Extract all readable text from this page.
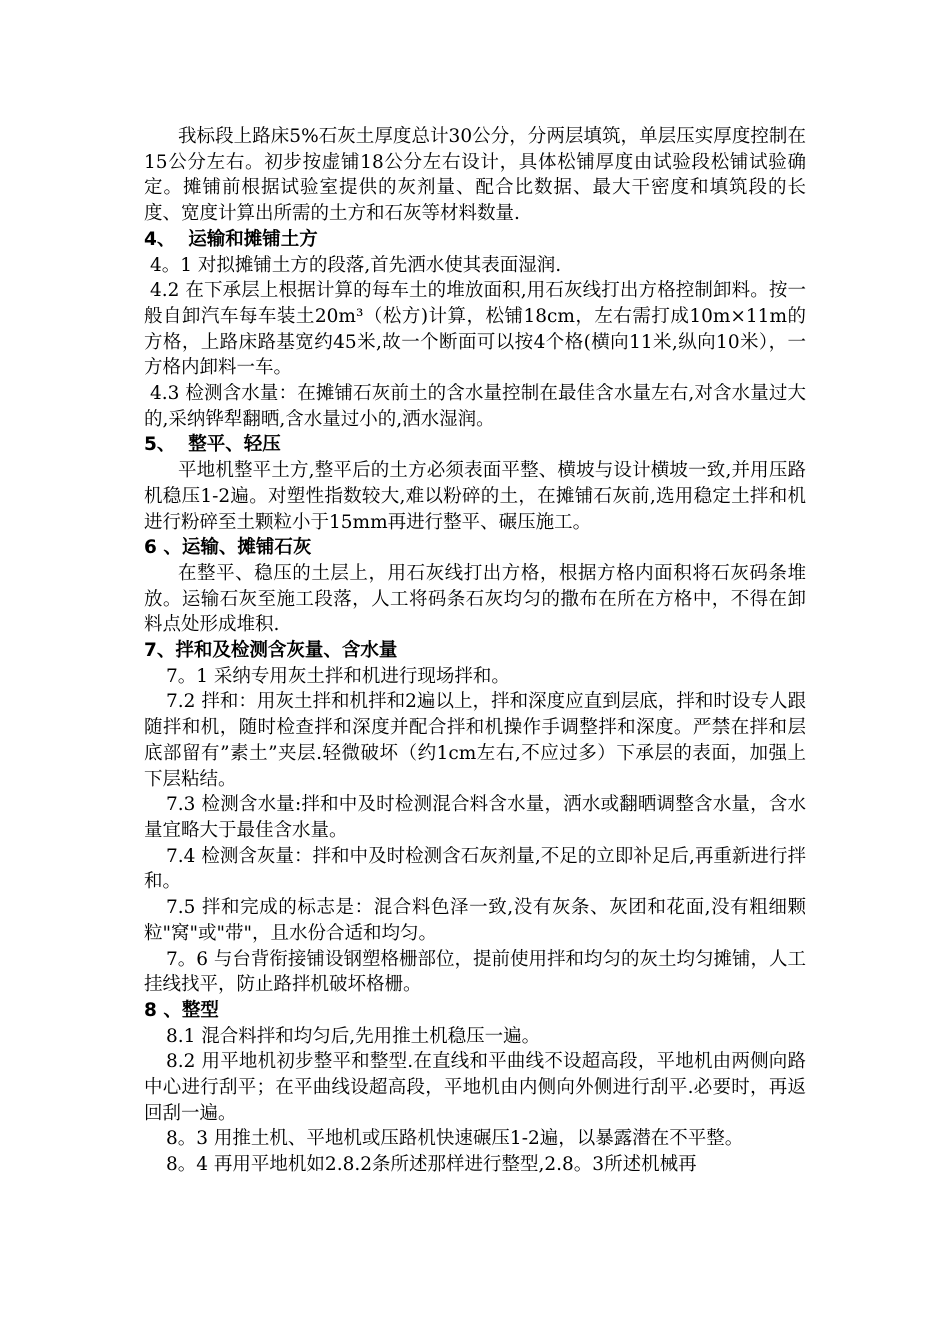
我标段上路床5%石灰土厚度总计30公分，分两层填筑，单层压实厚度控制在15公分左右。初步按虚铺18公分左右设计，具体松铺厚度由试验段松铺试验确定。摊铺前根据试验室提供的灰剂量、配合比数据、最大干密度和填筑段的长度、宽度计算出所需的土方和石灰等材料数量.

4、  运输和摊铺土方

4。1 对拟摊铺土方的段落,首先洒水使其表面湿润.

4.2 在下承层上根据计算的每车土的堆放面积,用石灰线打出方格控制卸料。按一般自卸汽车每车装土20m³（松方)计算，松铺18cm，左右需打成10m×11m的方格，上路床路基宽约45米,故一个断面可以按4个格(横向11米,纵向10米），一方格内卸料一车。

4.3 检测含水量：在摊铺石灰前土的含水量控制在最佳含水量左右,对含水量过大的,采纳铧犁翻晒,含水量过小的,洒水湿润。

5、  整平、轻压

平地机整平土方,整平后的土方必须表面平整、横坡与设计横坡一致,并用压路机稳压1-2遍。对塑性指数较大,难以粉碎的土，在摊铺石灰前,选用稳定土拌和机进行粉碎至土颗粒小于15mm再进行整平、碾压施工。

6 、运输、摊铺石灰

在整平、稳压的土层上，用石灰线打出方格，根据方格内面积将石灰码条堆放。运输石灰至施工段落，人工将码条石灰均匀的撒布在所在方格中，不得在卸料点处形成堆积.

7、拌和及检测含灰量、含水量

7。1 采纳专用灰土拌和机进行现场拌和。

7.2 拌和：用灰土拌和机拌和2遍以上，拌和深度应直到层底，拌和时设专人跟随拌和机，随时检查拌和深度并配合拌和机操作手调整拌和深度。严禁在拌和层底部留有”素土”夹层.轻微破坏（约1cm左右,不应过多）下承层的表面，加强上下层粘结。

7.3 检测含水量:拌和中及时检测混合料含水量，洒水或翻晒调整含水量，含水量宜略大于最佳含水量。

7.4 检测含灰量：拌和中及时检测含石灰剂量,不足的立即补足后,再重新进行拌和。

7.5 拌和完成的标志是：混合料色泽一致,没有灰条、灰团和花面,没有粗细颗粒"窝"或"带"，且水份合适和均匀。

7。6 与台背衔接铺设钢塑格栅部位，提前使用拌和均匀的灰土均匀摊铺，人工挂线找平，防止路拌机破坏格栅。

8 、整型

8.1 混合料拌和均匀后,先用推土机稳压一遍。

8.2 用平地机初步整平和整型.在直线和平曲线不设超高段，平地机由两侧向路中心进行刮平；在平曲线设超高段，平地机由内侧向外侧进行刮平.必要时，再返回刮一遍。

8。3 用推土机、平地机或压路机快速碾压1-2遍，以暴露潜在不平整。

8。4 再用平地机如2.8.2条所述那样进行整型,2.8。3所述机械再
